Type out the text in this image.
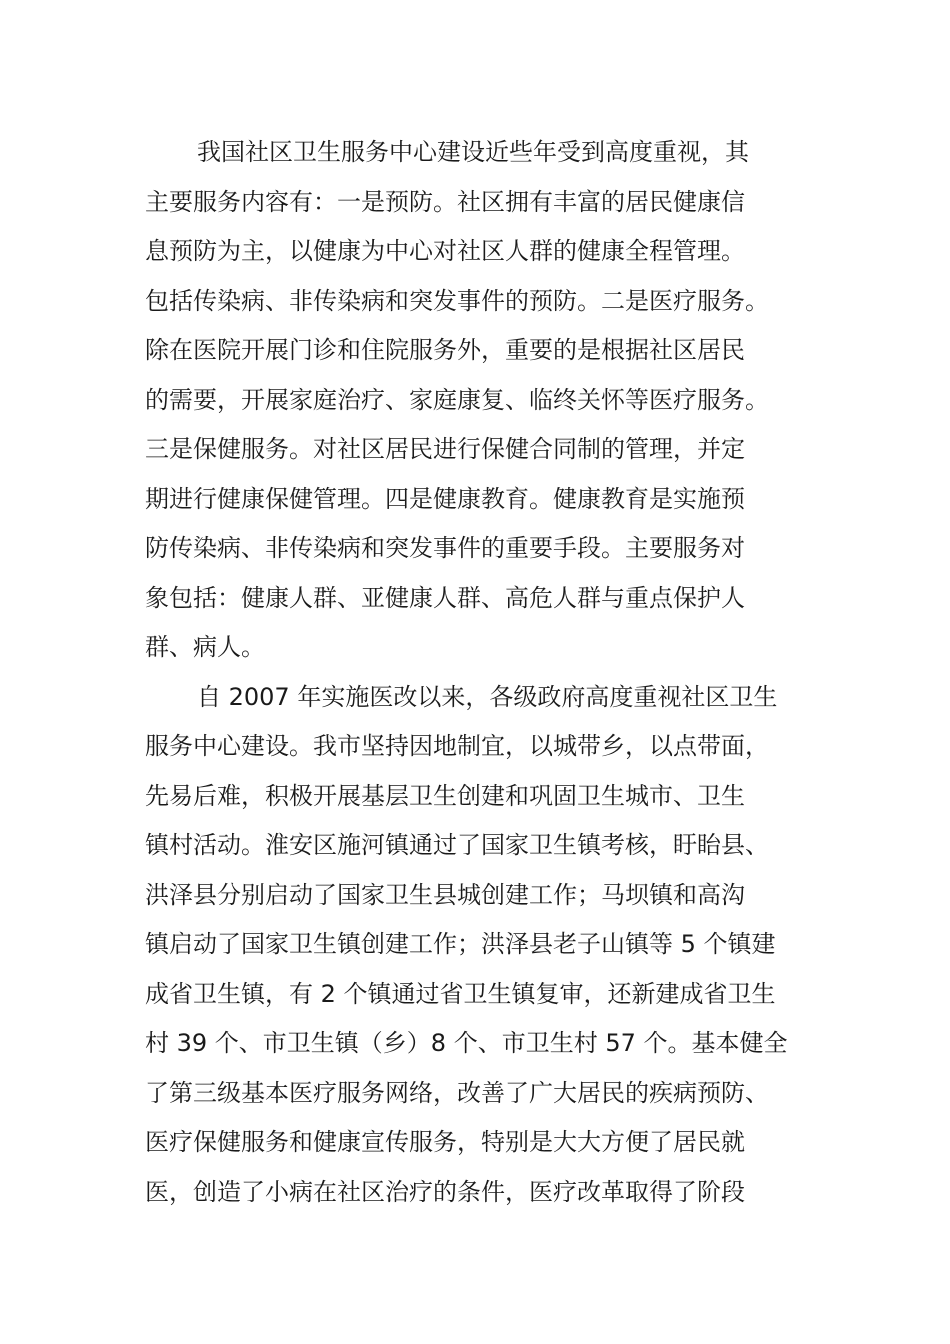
我国社区卫生服务中心建设近些年受到高度重视，其
主要服务内容有：一是预防。社区拥有丰富的居民健康信
息预防为主，以健康为中心对社区人群的健康全程管理。
包括传染病、非传染病和突发事件的预防。二是医疗服务。
除在医院开展门诊和住院服务外，重要的是根据社区居民
的需要，开展家庭治疗、家庭康复、临终关怀等医疗服务。
三是保健服务。对社区居民进行保健合同制的管理，并定
期进行健康保健管理。四是健康教育。健康教育是实施预
防传染病、非传染病和突发事件的重要手段。主要服务对
象包括：健康人群、亚健康人群、高危人群与重点保护人
群、病人。
自 2007 年实施医改以来，各级政府高度重视社区卫生
服务中心建设。我市坚持因地制宜，以城带乡，以点带面，
先易后难，积极开展基层卫生创建和巩固卫生城市、卫生
镇村活动。淮安区施河镇通过了国家卫生镇考核，盱眙县、
洪泽县分别启动了国家卫生县城创建工作；马坝镇和高沟
镇启动了国家卫生镇创建工作；洪泽县老子山镇等 5 个镇建
成省卫生镇，有 2 个镇通过省卫生镇复审，还新建成省卫生
村 39 个、市卫生镇（乡）8 个、市卫生村 57 个。基本健全
了第三级基本医疗服务网络，改善了广大居民的疾病预防、
医疗保健服务和健康宣传服务，特别是大大方便了居民就
医，创造了小病在社区治疗的条件，医疗改革取得了阶段
